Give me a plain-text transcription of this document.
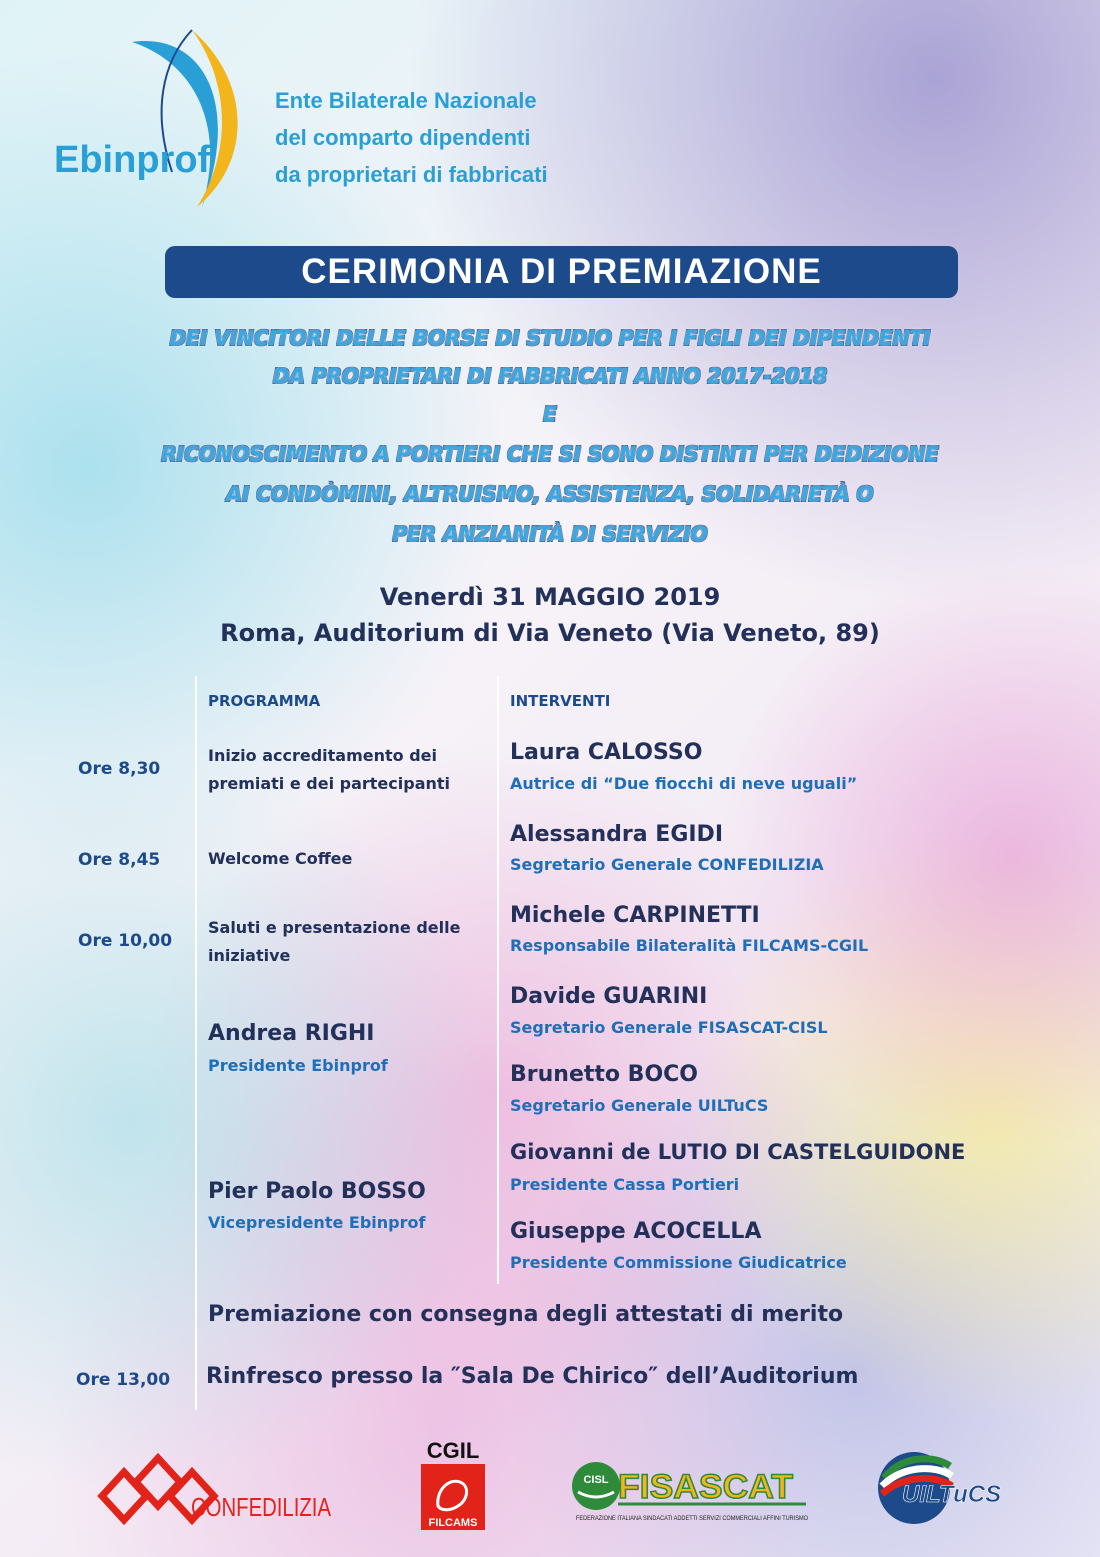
Ebinprof
Ente Bilaterale Nazionale
del comparto dipendenti
da proprietari di fabbricati
CERIMONIA DI PREMIAZIONE
DEI VINCITORI DELLE BORSE DI STUDIO PER I FIGLI DEI DIPENDENTI
DA PROPRIETARI DI FABBRICATI ANNO 2017-2018
E
RICONOSCIMENTO A PORTIERI CHE SI SONO DISTINTI PER DEDIZIONE
AI CONDÒMINI, ALTRUISMO, ASSISTENZA, SOLIDARIETÀ O
PER ANZIANITÀ DI SERVIZIO
Venerdì 31 MAGGIO 2019
Roma, Auditorium di Via Veneto (Via Veneto, 89)
PROGRAMMA	INTERVENTI
Ore 8,30
Inizio accreditamento dei
premiati e dei partecipanti
Ore 8,45	Welcome Coffee
Ore 10,00
Saluti e presentazione delle
iniziative
Andrea RIGHI
Presidente Ebinprof
Pier Paolo BOSSO
Vicepresidente Ebinprof
Laura CALOSSO
Autrice di “Due fiocchi di neve uguali”
Alessandra EGIDI
Segretario Generale CONFEDILIZIA
Michele CARPINETTI
Responsabile Bilateralità FILCAMS-CGIL
Davide GUARINI
Segretario Generale FISASCAT-CISL
Brunetto BOCO
Segretario Generale UILTuCS
Giovanni de LUTIO DI CASTELGUIDONE
Presidente Cassa Portieri
Giuseppe ACOCELLA
Presidente Commissione Giudicatrice
Premiazione con consegna degli attestati di merito
Ore 13,00 Rinfresco presso la ″Sala De Chirico″ dell’Auditorium
CONFEDILIZIA
CGIL
FILCAMS
CISL FISASCAT
FEDERAZIONE ITALIANA SINDACATI ADDETTI SERVIZI COMMERCIALI AFFINI TURISMO
UILTuCS
